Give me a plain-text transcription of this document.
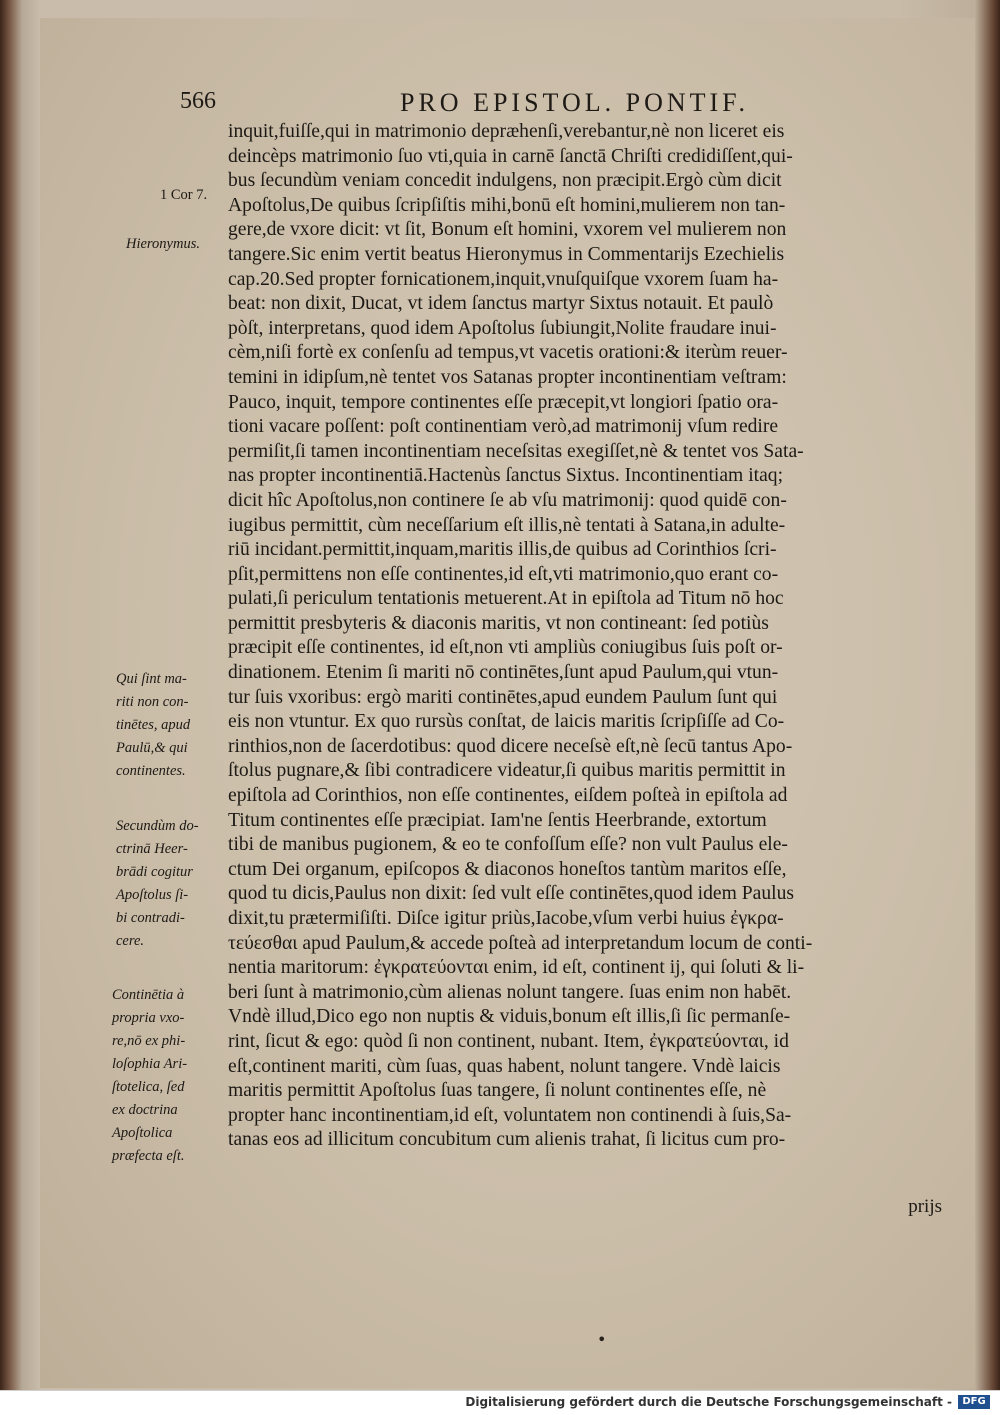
566	PRO EPISTOL. PONTIF.
inquit,fuiſſe,qui in matrimonio depræhenſi,verebantur,nè non liceret eis
deincèps matrimonio ſuo vti,quia in carnē ſanctā Chriſti credidiſſent,qui-
bus ſecundùm veniam concedit indulgens, non præcipit.Ergò cùm dicit
Apoſtolus,De quibus ſcripſiſtis mihi,bonū eſt homini,mulierem non tan-
gere,de vxore dicit: vt ſit, Bonum eſt homini, vxorem vel mulierem non
tangere.Sic enim vertit beatus Hieronymus in Commentarijs Ezechielis
cap.20.Sed propter fornicationem,inquit,vnuſquiſque vxorem ſuam ha-
beat: non dixit, Ducat, vt idem ſanctus martyr Sixtus notauit. Et paulò
pòſt, interpretans, quod idem Apoſtolus ſubiungit,Nolite fraudare inui-
cèm,niſi fortè ex conſenſu ad tempus,vt vacetis orationi:& iterùm reuer-
temini in idipſum,nè tentet vos Satanas propter incontinentiam veſtram:
Pauco, inquit, tempore continentes eſſe præcepit,vt longiori ſpatio ora-
tioni vacare poſſent: poſt continentiam verò,ad matrimonij vſum redire
permiſit,ſi tamen incontinentiam neceſsitas exegiſſet,nè & tentet vos Sata-
nas propter incontinentiā.Hactenùs ſanctus Sixtus. Incontinentiam itaq;
dicit hîc Apoſtolus,non continere ſe ab vſu matrimonij: quod quidē con-
iugibus permittit, cùm neceſſarium eſt illis,nè tentati à Satana,in adulte-
riū incidant.permittit,inquam,maritis illis,de quibus ad Corinthios ſcri-
pſit,permittens non eſſe continentes,id eſt,vti matrimonio,quo erant co-
pulati,ſi periculum tentationis metuerent.At in epiſtola ad Titum nō hoc
permittit presbyteris & diaconis maritis, vt non contineant: ſed potiùs
præcipit eſſe continentes, id eſt,non vti ampliùs coniugibus ſuis poſt or-
dinationem. Etenim ſi mariti nō continētes,ſunt apud Paulum,qui vtun-
tur ſuis vxoribus: ergò mariti continētes,apud eundem Paulum ſunt qui
eis non vtuntur. Ex quo rursùs conſtat, de laicis maritis ſcripſiſſe ad Co-
rinthios,non de ſacerdotibus: quod dicere neceſsè eſt,nè ſecū tantus Apo-
ſtolus pugnare,& ſibi contradicere videatur,ſi quibus maritis permittit in
epiſtola ad Corinthios, non eſſe continentes, eiſdem poſteà in epiſtola ad
Titum continentes eſſe præcipiat. Iam'ne ſentis Heerbrande, extortum
tibi de manibus pugionem, & eo te confoſſum eſſe? non vult Paulus ele-
ctum Dei organum, epiſcopos & diaconos honeſtos tantùm maritos eſſe,
quod tu dicis,Paulus non dixit: ſed vult eſſe continētes,quod idem Paulus
dixit,tu prætermiſiſti. Diſce igitur priùs,Iacobe,vſum verbi huius ἐγκρα-
τεύεσθαι apud Paulum,& accede poſteà ad interpretandum locum de conti-
nentia maritorum: ἐγκρατεύονται enim, id eſt, continent ij, qui ſoluti & li-
beri ſunt à matrimonio,cùm alienas nolunt tangere. ſuas enim non habēt.
Vndè illud,Dico ego non nuptis & viduis,bonum eſt illis,ſi ſic permanſe-
rint, ſicut & ego: quòd ſi non continent, nubant. Item, ἐγκρατεύονται, id
eſt,continent mariti, cùm ſuas, quas habent, nolunt tangere. Vndè laicis
maritis permittit Apoſtolus ſuas tangere, ſi nolunt continentes eſſe, nè
propter hanc incontinentiam,id eſt, voluntatem non continendi à ſuis,Sa-
tanas eos ad illicitum concubitum cum alienis trahat, ſi licitus cum pro-
prijs
1 Cor 7.
Hieronymus.
Qui ſint ma-
riti non con-
tinētes, apud
Paulū,& qui
continentes.
Secundùm do-
ctrinā Heer-
brādi cogitur
Apoſtolus ſi-
bi contradi-
cere.
Continētia à
propria vxo-
re,nō ex phi-
loſophia Ari-
ſtotelica, ſed
ex doctrina
Apoſtolica
præfecta eſt.
•
Digitalisierung gefördert durch die Deutsche Forschungsgemeinschaft -	DFG
